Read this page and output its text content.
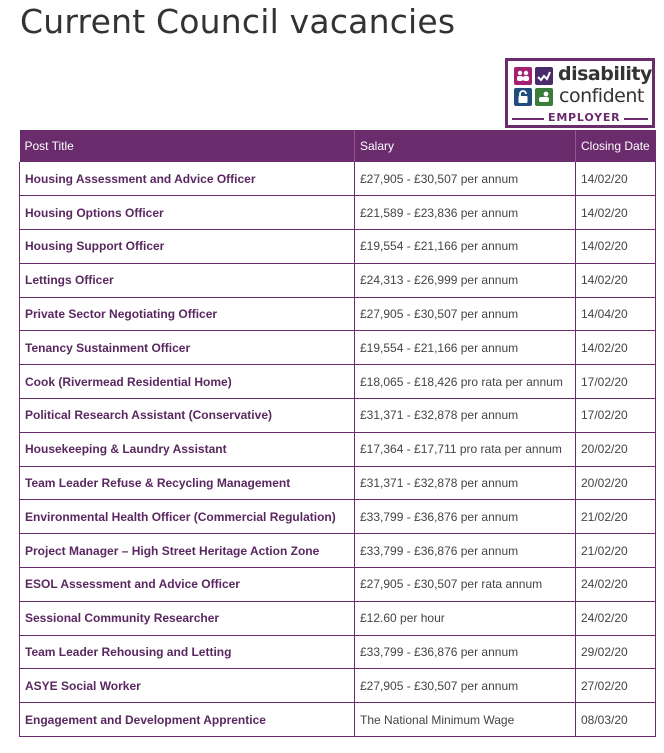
Current Council vacancies
disability
confident
EMPLOYER
Post Title	Salary	Closing Date
Housing Assessment and Advice Officer	£27,905 - £30,507 per annum	14/02/20
Housing Options Officer	£21,589 - £23,836 per annum	14/02/20
Housing Support Officer	£19,554 - £21,166 per annum	14/02/20
Lettings Officer	£24,313 - £26,999 per annum	14/02/20
Private Sector Negotiating Officer	£27,905 - £30,507 per annum	14/04/20
Tenancy Sustainment Officer	£19,554 - £21,166 per annum	14/02/20
Cook (Rivermead Residential Home)	£18,065 - £18,426 pro rata per annum	17/02/20
Political Research Assistant (Conservative)	£31,371 - £32,878 per annum	17/02/20
Housekeeping & Laundry Assistant	£17,364 - £17,711 pro rata per annum	20/02/20
Team Leader Refuse & Recycling Management	£31,371 - £32,878 per annum	20/02/20
Environmental Health Officer (Commercial Regulation)	£33,799 - £36,876 per annum	21/02/20
Project Manager – High Street Heritage Action Zone	£33,799 - £36,876 per annum	21/02/20
ESOL Assessment and Advice Officer	£27,905 - £30,507 per rata annum	24/02/20
Sessional Community Researcher	£12.60 per hour	24/02/20
Team Leader Rehousing and Letting	£33,799 - £36,876 per annum	29/02/20
ASYE Social Worker	£27,905 - £30,507 per annum	27/02/20
Engagement and Development Apprentice	The National Minimum Wage	08/03/20
